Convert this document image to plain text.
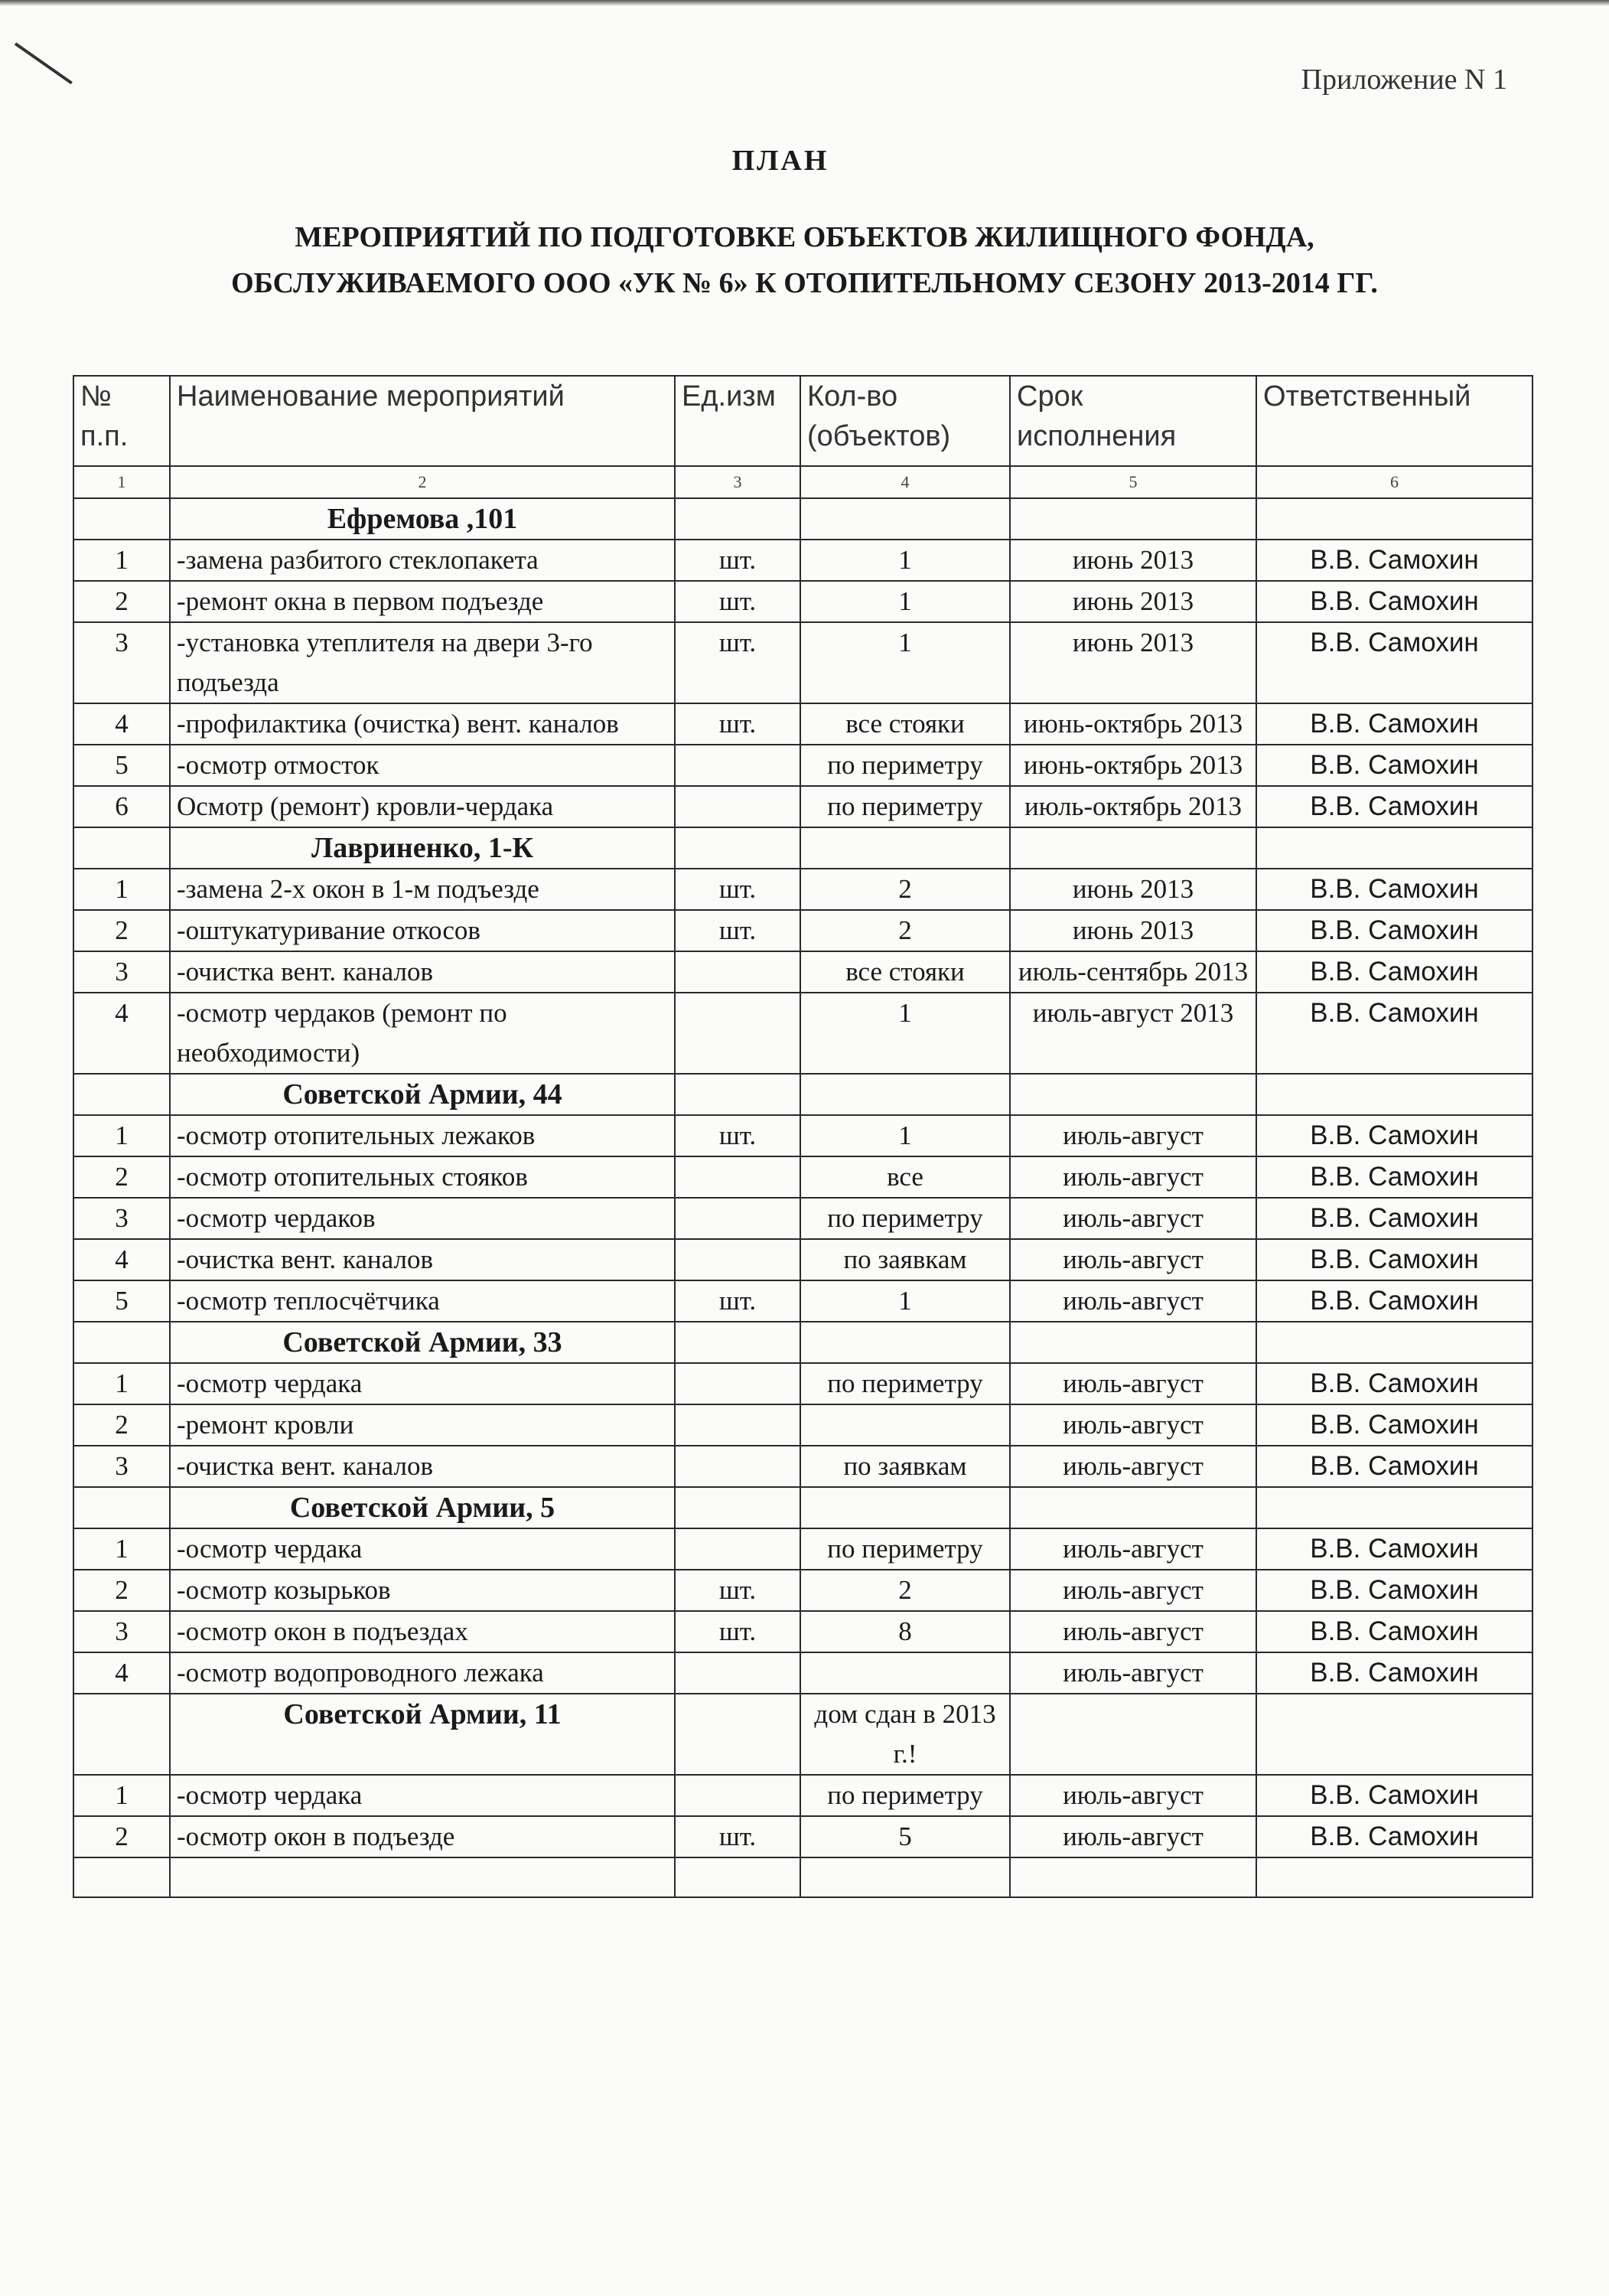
Приложение N 1
ПЛАН
МЕРОПРИЯТИЙ ПО ПОДГОТОВКЕ ОБЪЕКТОВ ЖИЛИЩНОГО ФОНДА,
ОБСЛУЖИВАЕМОГО ООО «УК № 6» К ОТОПИТЕЛЬНОМУ СЕЗОНУ 2013-2014 ГГ.
№ п.п.	Наименование мероприятий	Ед.изм	Кол-во (объектов)	Срок исполнения	Ответственный
1	2	3	4	5	6
	Ефремова ,101				
1	-замена разбитого стеклопакета	шт.	1	июнь 2013	В.В. Самохин
2	-ремонт окна в первом подъезде	шт.	1	июнь 2013	В.В. Самохин
3	-установка утеплителя на двери 3-го подъезда	шт.	1	июнь 2013	В.В. Самохин
4	-профилактика (очистка) вент. каналов	шт.	все стояки	июнь-октябрь 2013	В.В. Самохин
5	-осмотр отмосток		по периметру	июнь-октябрь 2013	В.В. Самохин
6	Осмотр (ремонт) кровли-чердака		по периметру	июль-октябрь 2013	В.В. Самохин
	Лавриненко, 1-К				
1	-замена 2-х окон в 1-м подъезде	шт.	2	июнь 2013	В.В. Самохин
2	-оштукатуривание откосов	шт.	2	июнь 2013	В.В. Самохин
3	-очистка вент. каналов		все стояки	июль-сентябрь 2013	В.В. Самохин
4	-осмотр чердаков (ремонт по необходимости)		1	июль-август 2013	В.В. Самохин
	Советской Армии, 44				
1	-осмотр отопительных лежаков	шт.	1	июль-август	В.В. Самохин
2	-осмотр отопительных стояков		все	июль-август	В.В. Самохин
3	-осмотр чердаков		по периметру	июль-август	В.В. Самохин
4	-очистка вент. каналов		по заявкам	июль-август	В.В. Самохин
5	-осмотр теплосчётчика	шт.	1	июль-август	В.В. Самохин
	Советской Армии, 33				
1	-осмотр чердака		по периметру	июль-август	В.В. Самохин
2	-ремонт кровли			июль-август	В.В. Самохин
3	-очистка вент. каналов		по заявкам	июль-август	В.В. Самохин
	Советской Армии, 5				
1	-осмотр чердака		по периметру	июль-август	В.В. Самохин
2	-осмотр козырьков	шт.	2	июль-август	В.В. Самохин
3	-осмотр окон в подъездах	шт.	8	июль-август	В.В. Самохин
4	-осмотр водопроводного лежака			июль-август	В.В. Самохин
	Советской Армии, 11		дом сдан в 2013 г.!		
1	-осмотр чердака		по периметру	июль-август	В.В. Самохин
2	-осмотр окон в подъезде	шт.	5	июль-август	В.В. Самохин
